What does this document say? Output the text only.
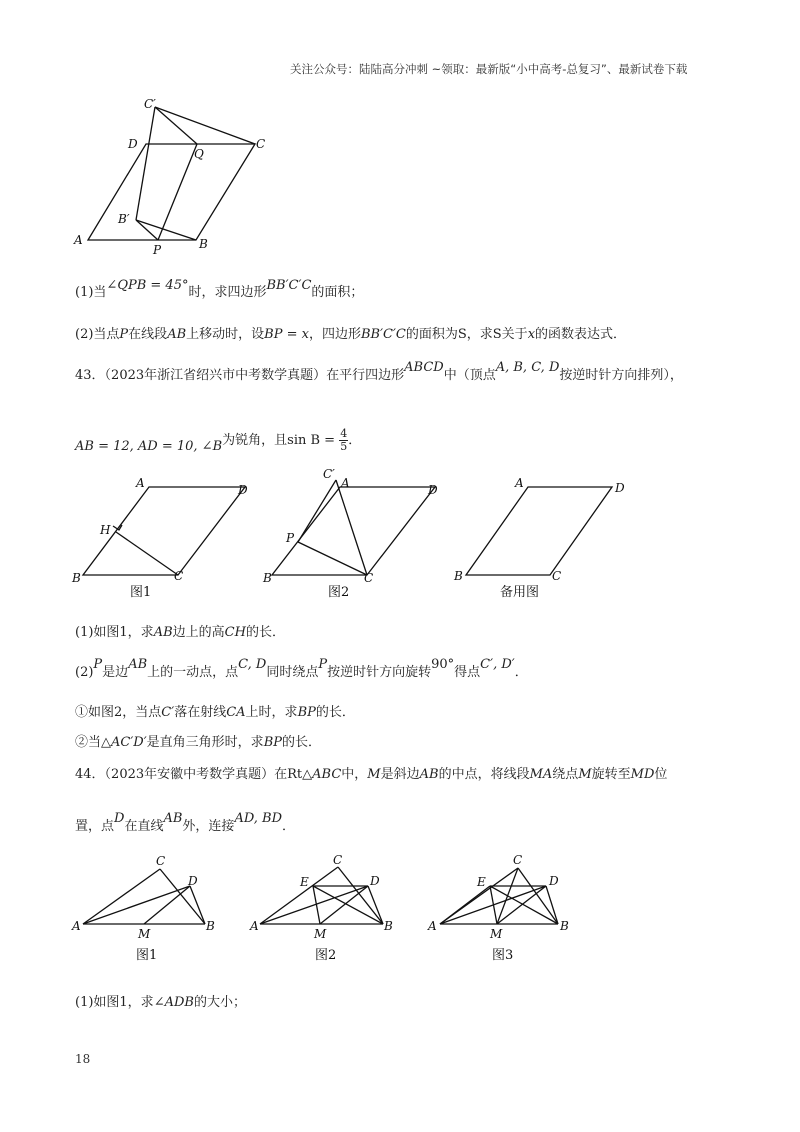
关注公众号：陆陆高分冲刺 ~领取：最新版“小中高考-总复习”、最新试卷下载
C′
D
Q
C
B′
A
P	B
(1)当∠QPB = 45°时，求四边形BB′C′C的面积；
(2)当点P在线段AB上移动时，设BP = x，四边形BB′C′C的面积为S，求S关于x的函数表达式．
43．（2023年浙江省绍兴市中考数学真题）在平行四边形ABCD中（顶点A, B, C, D按逆时针方向排列），
AB = 12, AD = 10, ∠B为锐角，且$\sin B = \frac{4}{5}$ ．
A	D
H
B	C
图1
C′
A	D
P
B	C
图2
A	D
B	C
备用图
(1)如图1，求AB边上的高CH的长．
(2)P是边AB上的一动点，点C, D同时绕点P按逆时针方向旋转90°得点C′, D′．
①如图2，当点C′落在射线CA上时，求BP的长．
②当△AC′D′是直角三角形时，求BP的长．
44．（2023年安徽中考数学真题）在Rt△ABC中，M是斜边AB的中点，将线段MA绕点M旋转至MD位
置，点D在直线AB外，连接AD, BD．
C
D
A
M
B
图1
C
E	D
A
M
B
图2
C
E	D
A
M
B
图3
(1)如图1，求∠ADB的大小；
18
